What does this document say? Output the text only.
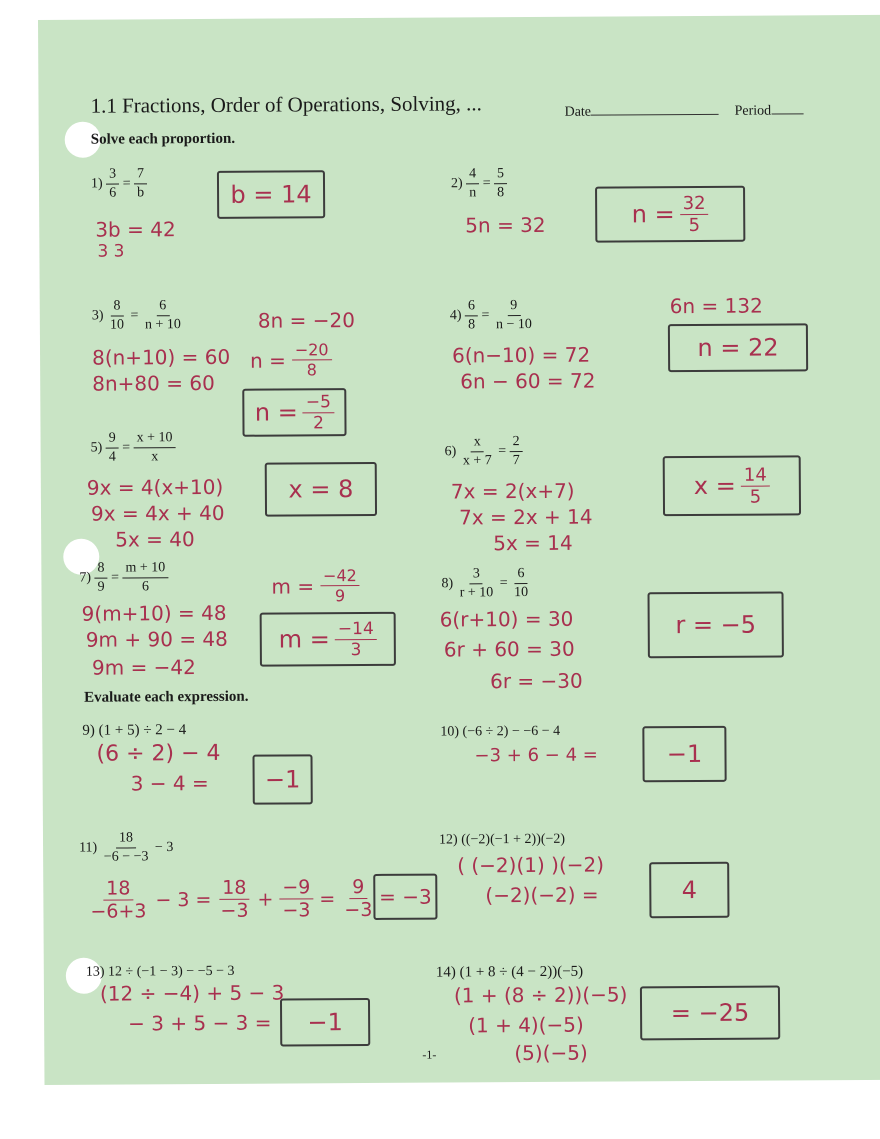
1.1 Fractions, Order of Operations, Solving, ...	Date	Period
Solve each proportion.
$1) \frac{3}{6} = \frac{7}{b}$
3b = 42
3 3
b = 14	$2) \frac{4}{n} = \frac{5}{8}$
5n = 32	n =
$\frac{32}{5}$
$3) \frac{8}{10} = \frac{6}{n + 10}$
8(n+10) = 60
8n+80 = 60
8n = −20
$n = \frac{-20}{8}$
n =
$\frac{-5}{2}$
$4) \frac{6}{8} = \frac{9}{n - 10}$
6(n−10) = 72
6n − 60 = 72
6n = 132
n = 22
$5) \frac{9}{4} = \frac{x + 10}{x}$
9x = 4(x+10)
9x = 4x + 40
5x = 40
x = 8
$6) \frac{x}{x + 7} = \frac{2}{7}$
7x = 2(x+7)
7x = 2x + 14
5x = 14
x =
$\frac{14}{5}$
$7) \frac{8}{9} = \frac{m + 10}{6}$
9(m+10) = 48
9m + 90 = 48
9m = −42
$m = \frac{-42}{9}$
m =
$\frac{-14}{3}$
$8) \frac{3}{r + 10} = \frac{6}{10}$
6(r+10) = 30
6r + 60 = 30
6r = −30
r = −5
Evaluate each expression.
9) (1 + 5) ÷ 2 − 4
(6 ÷ 2) − 4
3 − 4 = −1
10) (−6 ÷ 2) − −6 − 4
−3 + 6 − 4 =	−1
$11) \frac{18}{-6 - -3} - 3$
$\frac{18}{-6+3} - 3 = \frac{18}{-3} + \frac{-9}{-3} = \frac{9}{-3} = -3$
12) ((−2)(−1 + 2))(−2)
( (−2)(1) )(−2)
(−2)(−2) =	4
13) 12 ÷ (−1 − 3) − −5 − 3
(12 ÷ −4) + 5 − 3
− 3 + 5 − 3 = −1
14) (1 + 8 ÷ (4 − 2))(−5)
(1 + (8 ÷ 2))(−5)
(1 + 4)(−5)
(5)(−5)
= −25
-1-
